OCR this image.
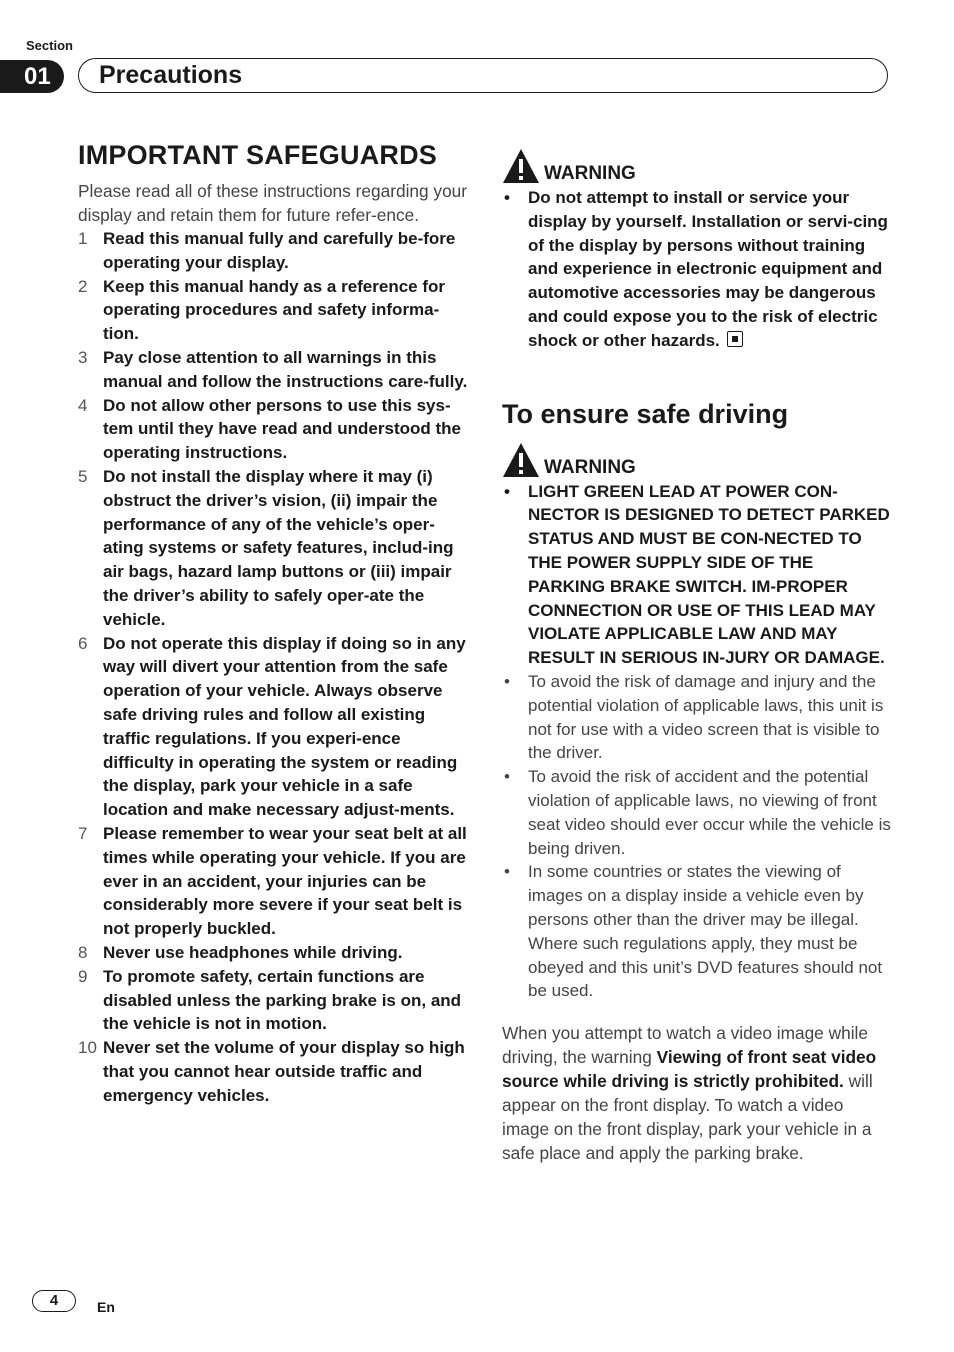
Section
01	Precautions
IMPORTANT SAFEGUARDS

Please read all of these instructions regarding your display and retain them for future refer-ence.

1 Read this manual fully and carefully be-fore operating your display.
2 Keep this manual handy as a reference for operating procedures and safety informa-tion.
3 Pay close attention to all warnings in this manual and follow the instructions care-fully.
4 Do not allow other persons to use this sys-tem until they have read and understood the operating instructions.
5 Do not install the display where it may (i) obstruct the driver’s vision, (ii) impair the performance of any of the vehicle’s oper-ating systems or safety features, includ-ing air bags, hazard lamp buttons or (iii) impair the driver’s ability to safely oper-ate the vehicle.
6 Do not operate this display if doing so in any way will divert your attention from the safe operation of your vehicle. Always observe safe driving rules and follow all existing traffic regulations. If you experi-ence difficulty in operating the system or reading the display, park your vehicle in a safe location and make necessary adjust-ments.
7 Please remember to wear your seat belt at all times while operating your vehicle. If you are ever in an accident, your injuries can be considerably more severe if your seat belt is not properly buckled.
8 Never use headphones while driving.
9 To promote safety, certain functions are disabled unless the parking brake is on, and the vehicle is not in motion.
10 Never set the volume of your display so high that you cannot hear outside traffic and emergency vehicles.
WARNING
• Do not attempt to install or service your display by yourself. Installation or servi-cing of the display by persons without training and experience in electronic equipment and automotive accessories may be dangerous and could expose you to the risk of electric shock or other hazards.
To ensure safe driving
WARNING
• LIGHT GREEN LEAD AT POWER CON-NECTOR IS DESIGNED TO DETECT PARKED STATUS AND MUST BE CON-NECTED TO THE POWER SUPPLY SIDE OF THE PARKING BRAKE SWITCH. IM-PROPER CONNECTION OR USE OF THIS LEAD MAY VIOLATE APPLICABLE LAW AND MAY RESULT IN SERIOUS IN-JURY OR DAMAGE.
• To avoid the risk of damage and injury and the potential violation of applicable laws, this unit is not for use with a video screen that is visible to the driver.
• To avoid the risk of accident and the potential violation of applicable laws, no viewing of front seat video should ever occur while the vehicle is being driven.
• In some countries or states the viewing of images on a display inside a vehicle even by persons other than the driver may be illegal. Where such regulations apply, they must be obeyed and this unit’s DVD features should not be used.

When you attempt to watch a video image while driving, the warning Viewing of front seat video source while driving is strictly prohibited. will appear on the front display. To watch a video image on the front display, park your vehicle in a safe place and apply the parking brake.

4	En
